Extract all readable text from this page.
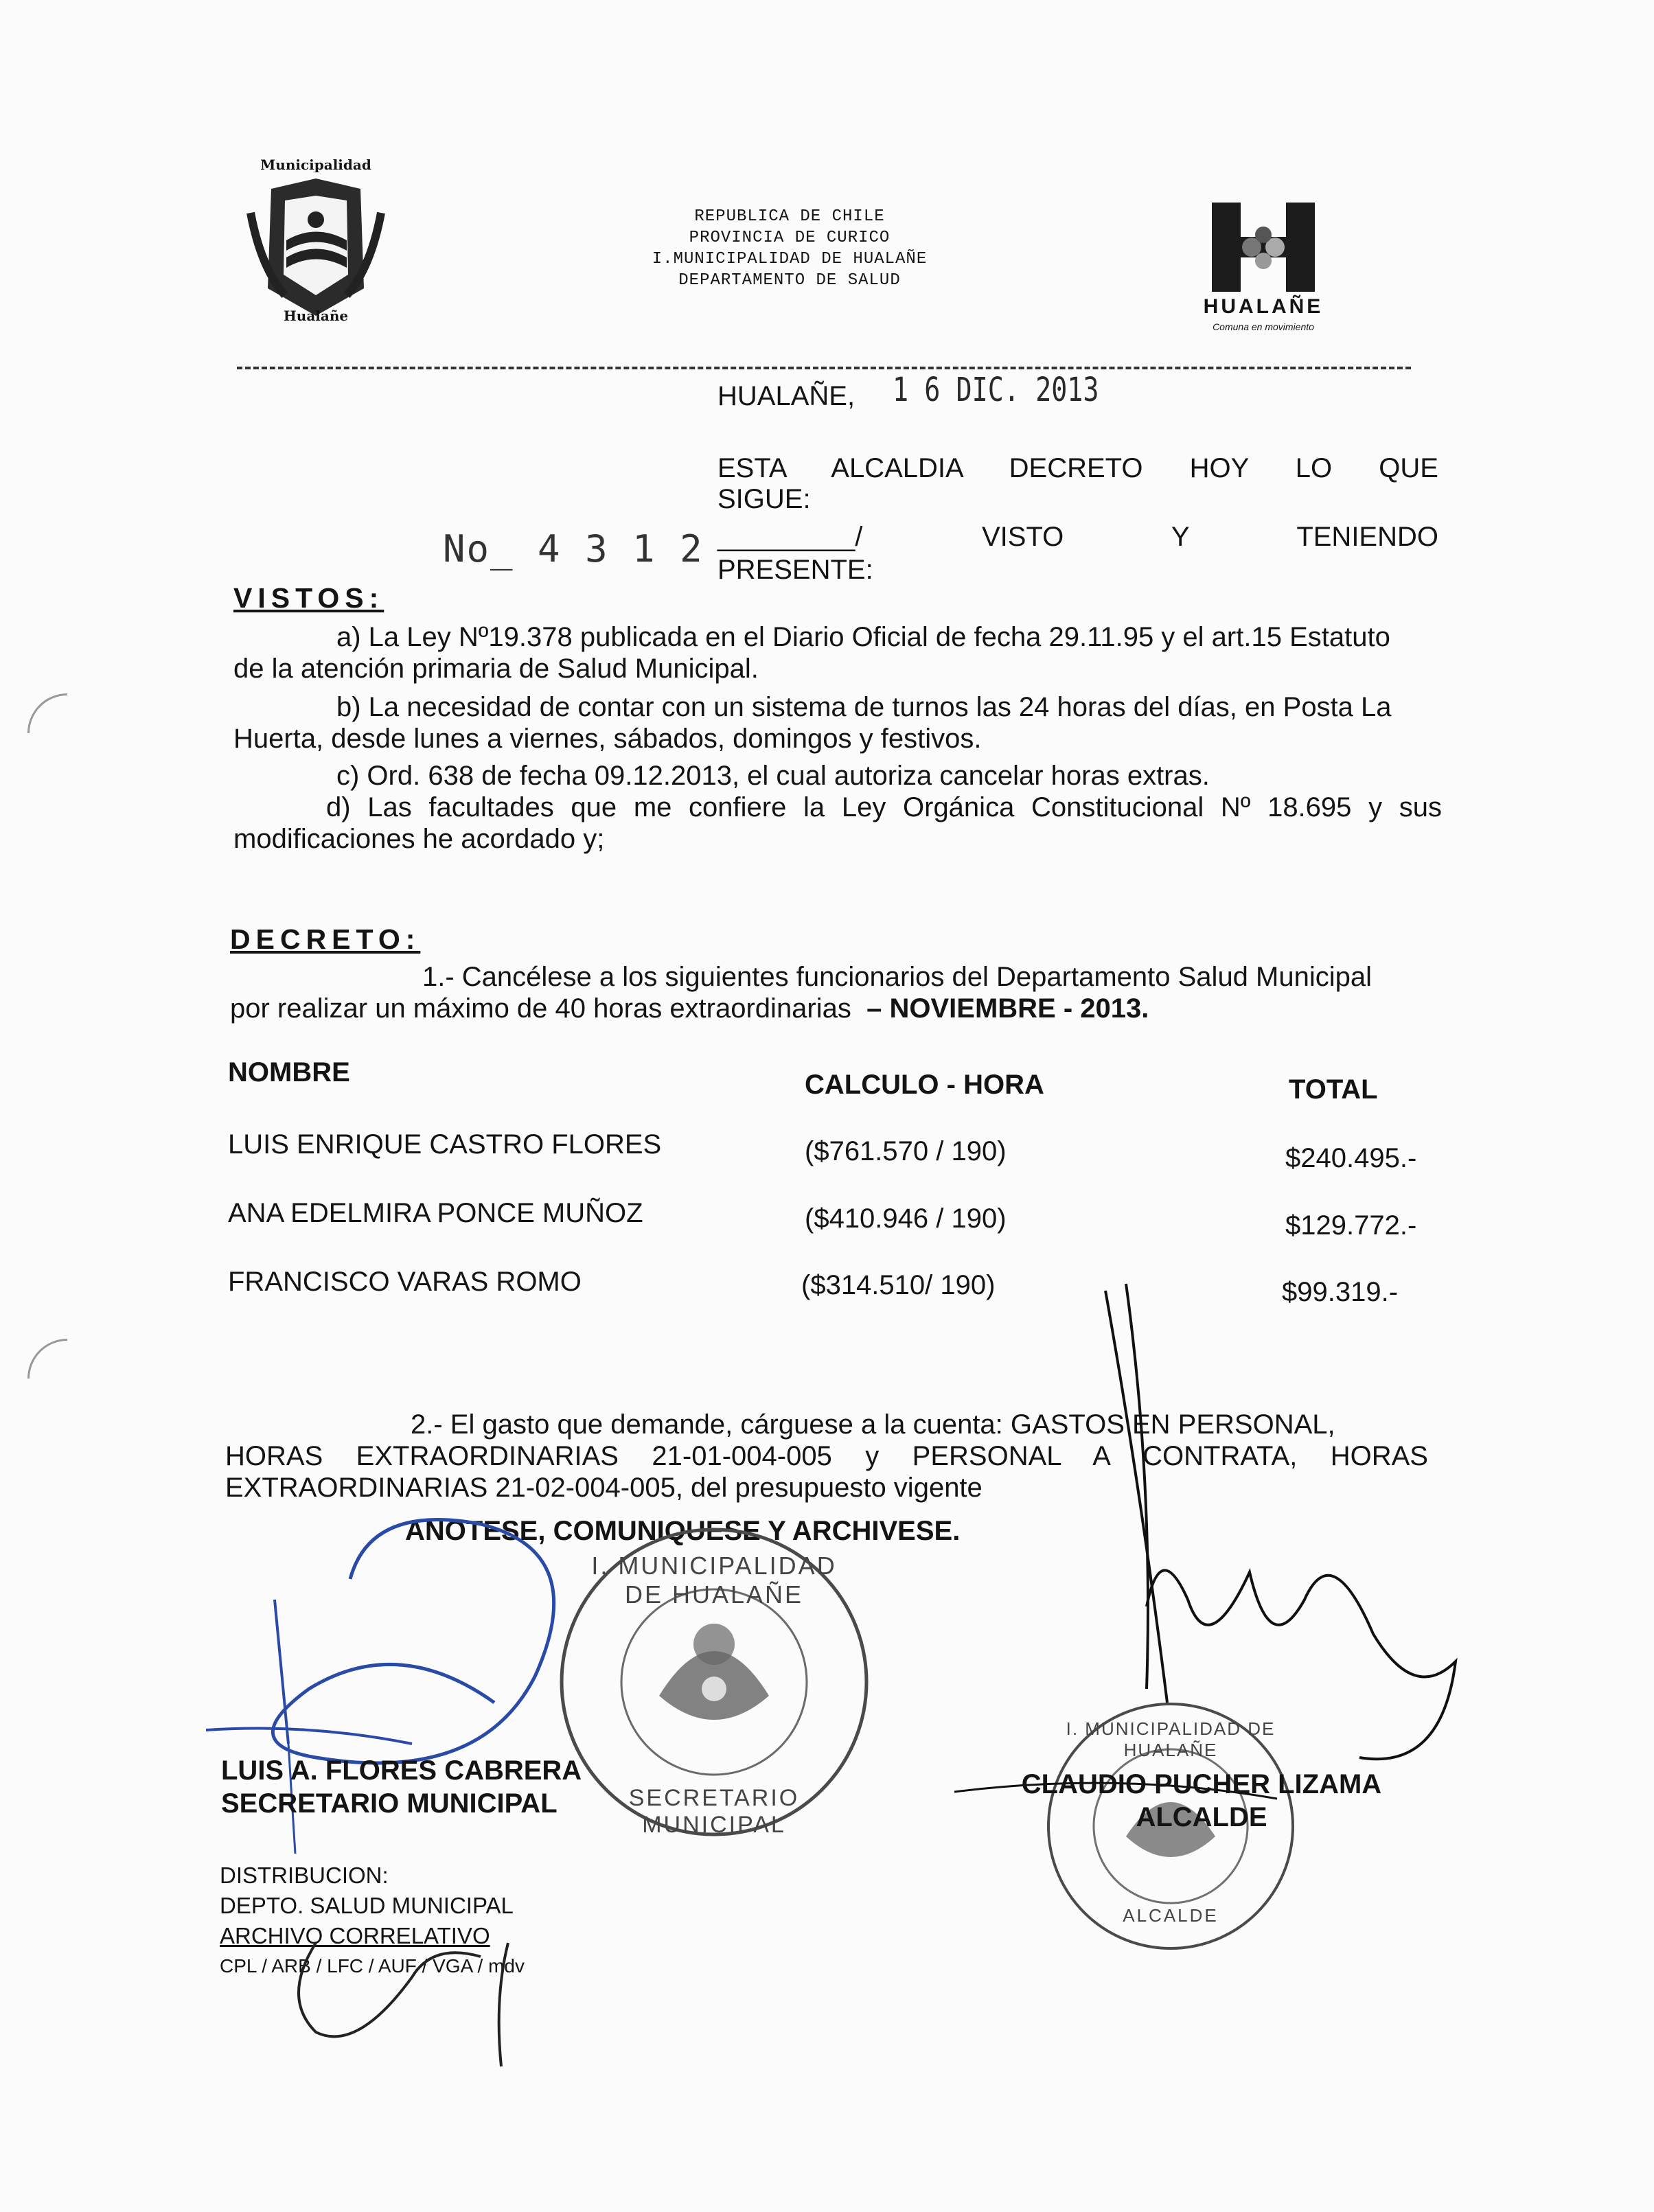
Municipalidad
Hualañe
REPUBLICA DE CHILE
PROVINCIA DE CURICO
I.MUNICIPALIDAD DE HUALAÑE
DEPARTAMENTO DE SALUD
HUALAÑE
Comuna en movimiento
HUALAÑE, 1 6 DIC. 2013
ESTA ALCALDIA DECRETO HOY LO QUE
SIGUE:
_________/	VISTO Y TENIENDO
PRESENTE:
No_ 4 3 1 2
VISTOS:
a) La Ley Nº19.378 publicada en el Diario Oficial de fecha 29.11.95 y el art.15 Estatuto
de la atención primaria de Salud Municipal.
b) La necesidad de contar con un sistema de turnos las 24 horas del días, en Posta La
Huerta, desde lunes a viernes, sábados, domingos y festivos.
c) Ord. 638 de fecha 09.12.2013, el cual autoriza cancelar horas extras.
d) Las facultades que me confiere la Ley Orgánica Constitucional Nº 18.695 y sus
modificaciones he acordado y;
DECRETO:
1.- Cancélese a los siguientes funcionarios del Departamento Salud Municipal
por realizar un máximo de 40 horas extraordinarias – NOVIEMBRE - 2013.
NOMBRE	CALCULO - HORA	TOTAL
LUIS ENRIQUE CASTRO FLORES	($761.570 / 190)	$240.495.-
ANA EDELMIRA PONCE MUÑOZ	($410.946 / 190)	$129.772.-
FRANCISCO VARAS ROMO	($314.510/ 190)	$99.319.-
2.- El gasto que demande, cárguese a la cuenta: GASTOS EN PERSONAL,
HORAS EXTRAORDINARIAS 21-01-004-005 y PERSONAL A CONTRATA, HORAS
EXTRAORDINARIAS 21-02-004-005, del presupuesto vigente
ANOTESE, COMUNIQUESE Y ARCHIVESE.
I. MUNICIPALIDAD DE HUALAÑE
SECRETARIO MUNICIPAL
I. MUNICIPALIDAD DE HUALAÑE
ALCALDE
LUIS A. FLORES CABRERA
SECRETARIO MUNICIPAL
CLAUDIO PUCHER LIZAMA
ALCALDE
DISTRIBUCION:
DEPTO. SALUD MUNICIPAL
ARCHIVO CORRELATIVO
CPL / ARB / LFC / AUF / VGA / mdv
